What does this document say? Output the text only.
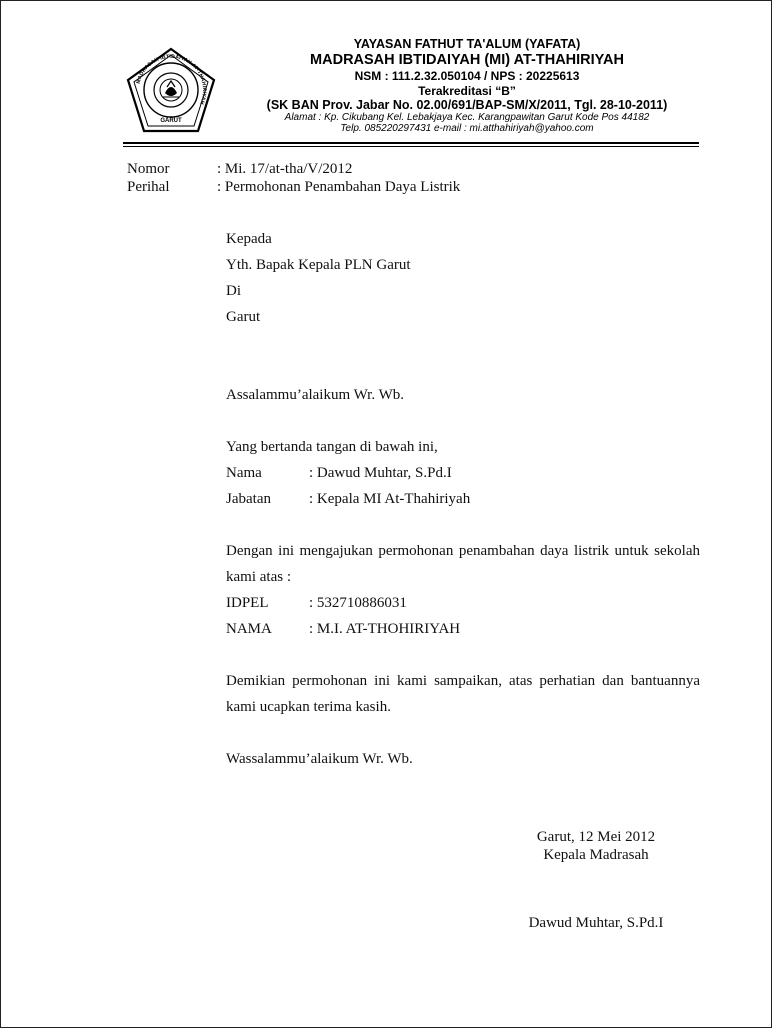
MADRASAH IBTIDAIYAH AT-THAHIRIYAH
GARUT
YAYASAN FATHUT TA'ALUM (YAFATA)
MADRASAH IBTIDAIYAH (MI) AT-THAHIRIYAH
NSM : 111.2.32.050104 / NPS : 20225613
Terakreditasi “B”
(SK BAN Prov. Jabar No. 02.00/691/BAP-SM/X/2011, Tgl. 28-10-2011)
Alamat : Kp. Cikubang Kel. Lebakjaya Kec. Karangpawitan Garut Kode Pos 44182
Telp. 085220297431 e-mail : mi.atthahiriyah@yahoo.com
Nomor	: Mi. 17/at-tha/V/2012
Perihal	: Permohonan Penambahan Daya Listrik
Kepada
Yth. Bapak Kepala PLN Garut
Di
Garut
Assalammu’alaikum Wr. Wb.
Yang bertanda tangan di bawah ini,
Nama	: Dawud Muhtar, S.Pd.I
Jabatan	: Kepala MI At-Thahiriyah
Dengan ini mengajukan permohonan penambahan daya listrik untuk sekolah
kami atas :
IDPEL	: 532710886031
NAMA : M.I. AT-THOHIRIYAH
Demikian permohonan ini kami sampaikan, atas perhatian dan bantuannya
kami ucapkan terima kasih.
Wassalammu’alaikum Wr. Wb.
Garut, 12 Mei 2012
Kepala Madrasah
Dawud Muhtar, S.Pd.I
